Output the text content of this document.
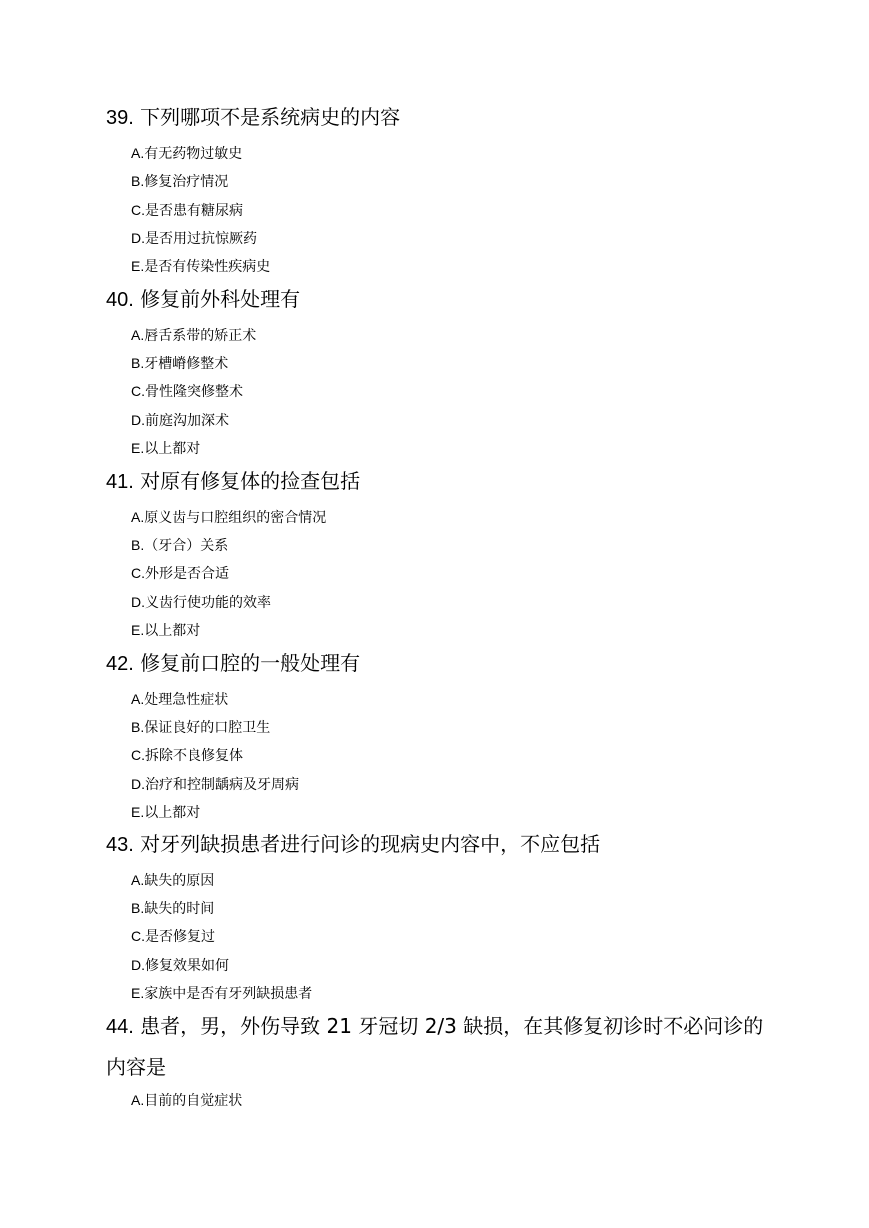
39. 下列哪项不是系统病史的内容
A.有无药物过敏史
B.修复治疗情况
C.是否患有糖尿病
D.是否用过抗惊厥药
E.是否有传染性疾病史
40. 修复前外科处理有
A.唇舌系带的矫正术
B.牙槽嵴修整术
C.骨性隆突修整术
D.前庭沟加深术
E.以上都对
41. 对原有修复体的捡查包括
A.原义齿与口腔组织的密合情况
B.（牙合）关系
C.外形是否合适
D.义齿行使功能的效率
E.以上都对
42. 修复前口腔的一般处理有
A.处理急性症状
B.保证良好的口腔卫生
C.拆除不良修复体
D.治疗和控制龋病及牙周病
E.以上都对
43. 对牙列缺损患者进行问诊的现病史内容中，不应包括
A.缺失的原因
B.缺失的时间
C.是否修复过
D.修复效果如何
E.家族中是否有牙列缺损患者
44. 患者，男，外伤导致 21 牙冠切 2/3 缺损，在其修复初诊时不必问诊的内容是
A.目前的自觉症状
